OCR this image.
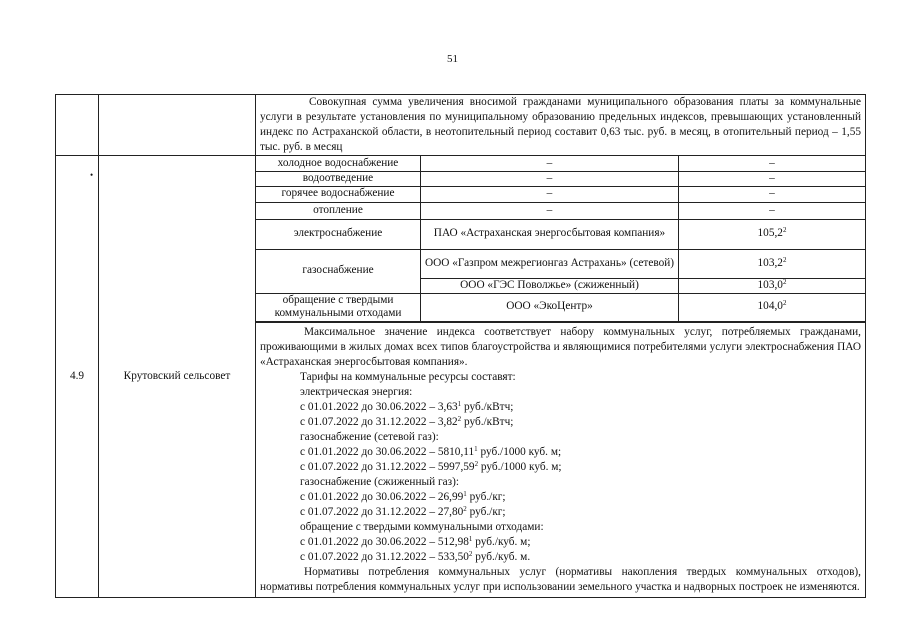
51
•
		Совокупная сумма увеличения вносимой гражданами муниципального образования платы за коммунальные услуги в результате установления по муниципальному образованию предельных индексов, превышающих установленный индекс по Астраханской области, в неотопительный период составит 0,63 тыс. руб. в месяц, в отопительный период – 1,55 тыс. руб. в месяц
4.9	Крутовский сельсовет	
холодное водоснабжение	–	–
водоотведение	–	–
горячее водоснабжение	–	–
отопление	–	–
электроснабжение	ПАО «Астраханская энергосбытовая компания»	105,2$^2$
газоснабжение	ООО «Газпром межрегионгаз Астрахань» (сетевой)	103,2$^2$
ООО «ГЭС Поволжье» (сжиженный)	103,0$^2$
обращение с твердыми коммунальными отходами	ООО «ЭкоЦентр»	104,0$^2$
Максимальное значение индекса соответствует набору коммунальных услуг, потребляемых гражданами, проживающими в жилых домах всех типов благоустройства и являющимися потребителями услуги электроснабжения ПАО «Астраханская энергосбытовая компания».
Тарифы на коммунальные ресурсы составят:
электрическая энергия:
с 01.01.2022 до 30.06.2022 – 3,63$^1$ руб./кВтч;
с 01.07.2022 до 31.12.2022 – 3,82$^2$ руб./кВтч;
газоснабжение (сетевой газ):
с 01.01.2022 до 30.06.2022 – 5810,11$^1$ руб./1000 куб. м;
с 01.07.2022 до 31.12.2022 – 5997,59$^2$ руб./1000 куб. м;
газоснабжение (сжиженный газ):
с 01.01.2022 до 30.06.2022 – 26,99$^1$ руб./кг;
с 01.07.2022 до 31.12.2022 – 27,80$^2$ руб./кг;
обращение с твердыми коммунальными отходами:
с 01.01.2022 до 30.06.2022 – 512,98$^1$ руб./куб. м;
с 01.07.2022 до 31.12.2022 – 533,50$^2$ руб./куб. м.
Нормативы потребления коммунальных услуг (нормативы накопления твердых коммунальных отходов), нормативы потребления коммунальных услуг при использовании земельного участка и надворных построек не изменяются.
